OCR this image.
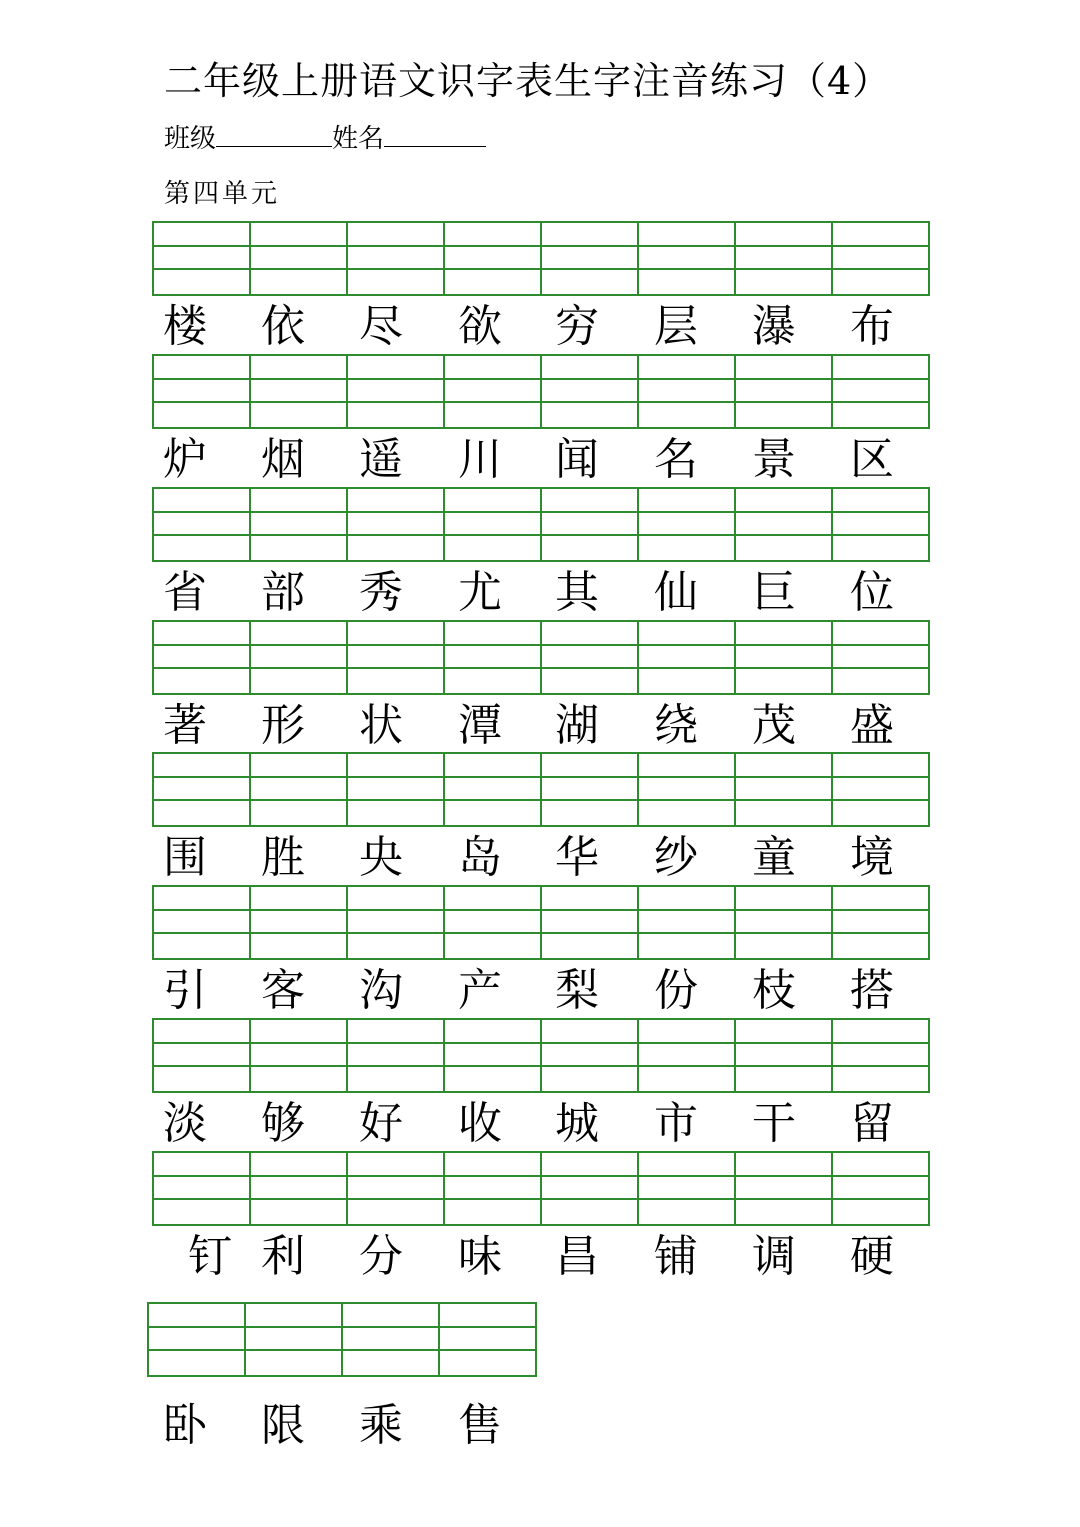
二年级上册语文识字表生字注音练习（4）
班级	姓名
第四单元
楼 依 尽 欲 穷 层 瀑 布
炉 烟 遥 川 闻 名 景 区
省 部 秀 尤 其 仙 巨 位
著 形 状 潭 湖 绕 茂 盛
围 胜 央 岛 华 纱 童 境
引 客 沟 产 梨 份 枝 搭
淡 够 好 收 城 市 干 留
钉 利 分 味 昌 铺 调 硬
卧 限 乘 售
